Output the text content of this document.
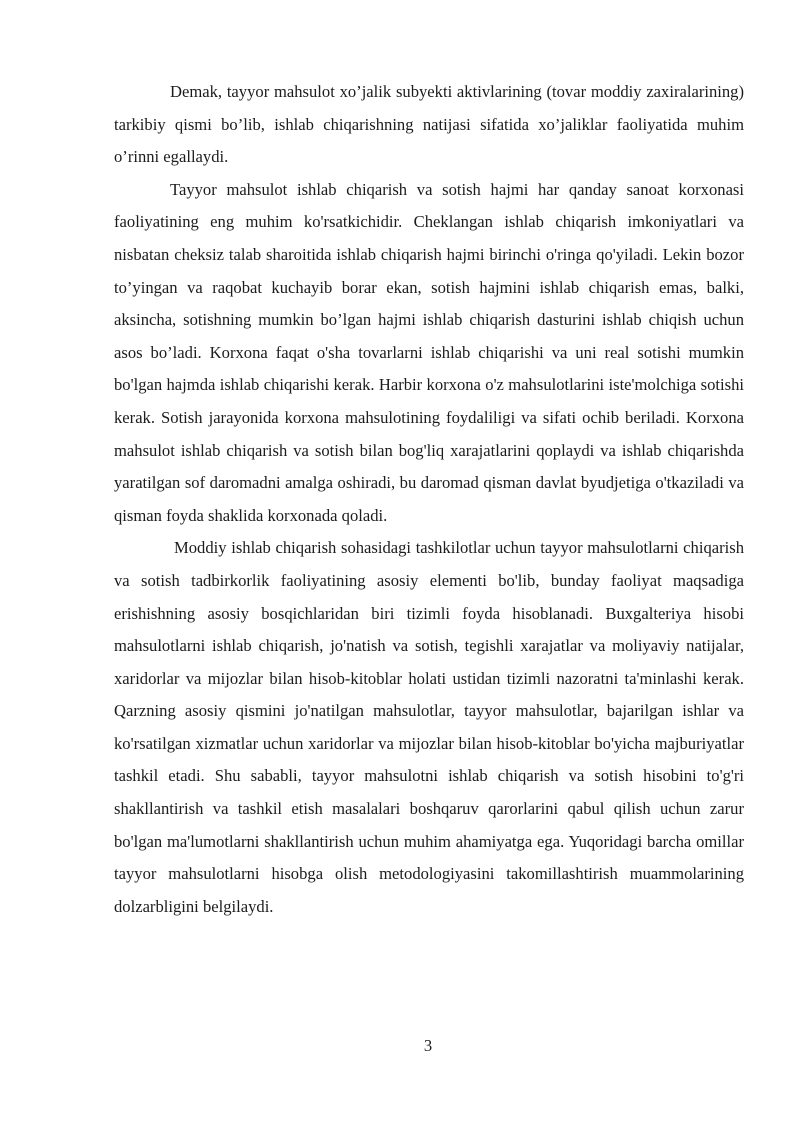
Demak, tayyor mahsulot xo’jalik subyekti aktivlarining (tovar moddiy zaxiralarining) tarkibiy qismi bo’lib, ishlab chiqarishning natijasi sifatida xo’jaliklar faoliyatida muhim o’rinni egallaydi.

Tayyor mahsulot ishlab chiqarish va sotish hajmi har qanday sanoat korxonasi faoliyatining eng muhim ko'rsatkichidir. Cheklangan ishlab chiqarish imkoniyatlari va nisbatan cheksiz talab sharoitida ishlab chiqarish hajmi birinchi o'ringa qo'yiladi. Lekin bozor to’yingan va raqobat kuchayib borar ekan, sotish hajmini ishlab chiqarish emas, balki, aksincha, sotishning mumkin bo’lgan hajmi ishlab chiqarish dasturini ishlab chiqish uchun asos bo’ladi. Korxona faqat o'sha tovarlarni ishlab chiqarishi va uni real sotishi mumkin bo'lgan hajmda ishlab chiqarishi kerak. Harbir korxona o'z mahsulotlarini iste'molchiga sotishi kerak. Sotish jarayonida korxona mahsulotining foydaliligi va sifati ochib beriladi. Korxona mahsulot ishlab chiqarish va sotish bilan bog'liq xarajatlarini qoplaydi va ishlab chiqarishda yaratilgan sof daromadni amalga oshiradi, bu daromad qisman davlat byudjetiga o'tkaziladi va qisman foyda shaklida korxonada qoladi.

Moddiy ishlab chiqarish sohasidagi tashkilotlar uchun tayyor mahsulotlarni chiqarish va sotish tadbirkorlik faoliyatining asosiy elementi bo'lib, bunday faoliyat maqsadiga erishishning asosiy bosqichlaridan biri tizimli foyda hisoblanadi. Buxgalteriya hisobi mahsulotlarni ishlab chiqarish, jo'natish va sotish, tegishli xarajatlar va moliyaviy natijalar, xaridorlar va mijozlar bilan hisob-kitoblar holati ustidan tizimli nazoratni ta'minlashi kerak. Qarzning asosiy qismini jo'natilgan mahsulotlar, tayyor mahsulotlar, bajarilgan ishlar va ko'rsatilgan xizmatlar uchun xaridorlar va mijozlar bilan hisob-kitoblar bo'yicha majburiyatlar tashkil etadi. Shu sababli, tayyor mahsulotni ishlab chiqarish va sotish hisobini to'g'ri shakllantirish va tashkil etish masalalari boshqaruv qarorlarini qabul qilish uchun zarur bo'lgan ma'lumotlarni shakllantirish uchun muhim ahamiyatga ega. Yuqoridagi barcha omillar tayyor mahsulotlarni hisobga olish metodologiyasini takomillashtirish muammolarining dolzarbligini belgilaydi.

3
